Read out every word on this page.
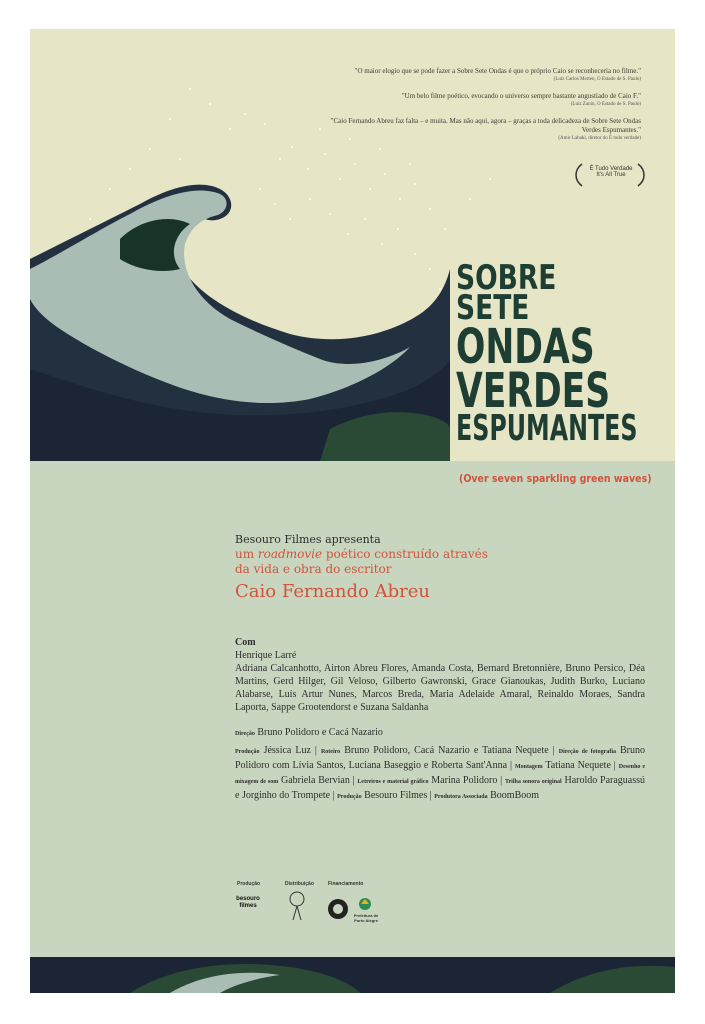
"O maior elogio que se pode fazer a Sobre Sete Ondas é que o próprio Caio se reconheceria no filme."
(Luiz Carlos Merten, O Estado de S. Paulo)
"Um belo filme poético, evocando o universo sempre bastante angustiado de Caio F."
(Luiz Zanin, O Estado de S. Paulo)
"Caio Fernando Abreu faz falta – e muita. Mas não aqui, agora – graças a toda delicadeza de Sobre Sete Ondas Verdes Espumantes."
(Amir Labaki, diretor do É tudo verdade)
É Tudo Verdade
It's All True
SOBRE
SETE
ONDAS
VERDES
ESPUMANTES
(Over seven sparkling green waves)
Besouro Filmes apresenta
um roadmovie poético construído através
da vida e obra do escritor
Caio Fernando Abreu
Com
Henrique Larré
Adriana Calcanhotto, Airton Abreu Flores, Amanda Costa, Bernard Bretonnière, Bruno Persico, Déa Martins, Gerd Hilger, Gil Veloso, Gilberto Gawronski, Grace Gianoukas, Judith Burko, Luciano Alabarse, Luís Artur Nunes, Marcos Breda, Maria Adelaide Amaral, Reinaldo Moraes, Sandra Laporta, Sappe Grootendorst e Suzana Saldanha
Direção Bruno Polidoro e Cacá Nazario
Produção Jéssica Luz | Roteiro Bruno Polidoro, Cacá Nazario e Tatiana Nequete | Direção de fotografia Bruno Polidoro com Lívia Santos, Luciana Baseggio e Roberta Sant'Anna | Montagem Tatiana Nequete | Desenho e mixagem de som Gabriela Bervian | Letreiros e material gráfico Marina Polidoro | Trilha sonora original Haroldo Paraguassú e Jorginho do Trompete | Produção Besouro Filmes | Produtora Associada BoomBoom
Produção	Distribuição	Financiamento
besouro
filmes
Prefeitura de
Porto Alegre
